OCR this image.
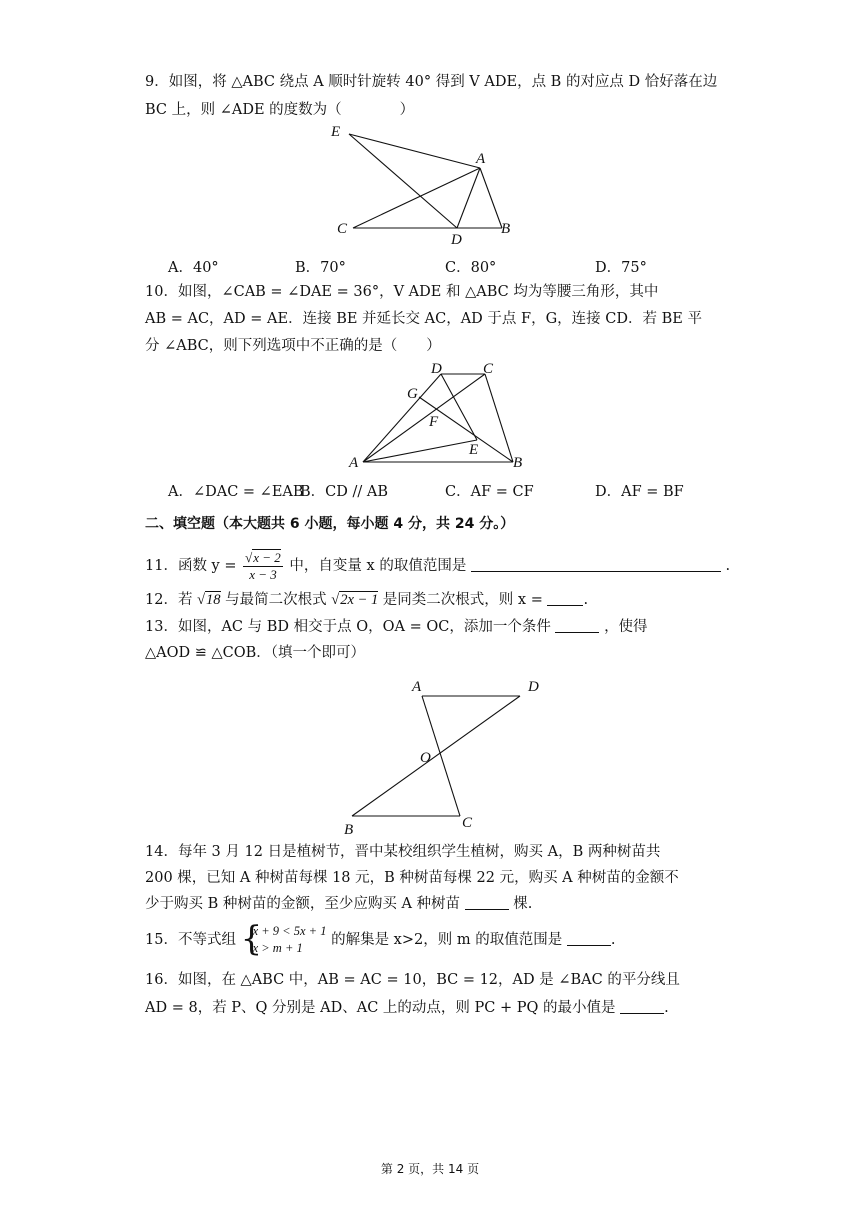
9．如图，将 △ABC 绕点 A 顺时针旋转 40° 得到 V ADE，点 B 的对应点 D 恰好落在边
BC 上，则 ∠ADE 的度数为（　　　　）
E
A
C
D
B
A．40°	B．70°	C．80°	D．75°
10．如图，∠CAB = ∠DAE = 36°，V ADE 和 △ABC 均为等腰三角形，其中
AB = AC，AD = AE．连接 BE 并延长交 AC，AD 于点 F，G，连接 CD．若 BE 平
分 ∠ABC，则下列选项中不正确的是（　　）
D	C
G
F
E
A	B
A．∠DAC = ∠EAB
B．CD // AB	C．AF = CF	D．AF = BF
二、填空题（本大题共 6 小题，每小题 4 分，共 24 分。）
11．函数 $y = \frac{√x - 2}{x - 3}$ 中，自变量 x 的取值范围是	.
12．若 √18 与最简二次根式 √2x − 1 是同类二次根式，则 x =	.
13．如图，AC 与 BD 相交于点 O，OA = OC，添加一个条件	，使得
△AOD ≌ △COB．（填一个即可）
A	D
O
B	C
14．每年 3 月 12 日是植树节，晋中某校组织学生植树，购买 A，B 两种树苗共
200 棵，已知 A 种树苗每棵 18 元，B 种树苗每棵 22 元，购买 A 种树苗的金额不
少于购买 B 种树苗的金额，至少应购买 A 种树苗	棵.
15．不等式组 {
x + 9 < 5x + 1
x > m + 1	的解集是 x>2，则 m 的取值范围是	.
16．如图，在 △ABC 中，AB = AC = 10，BC = 12，AD 是 ∠BAC 的平分线且
AD = 8，若 P、Q 分别是 AD、AC 上的动点，则 PC + PQ 的最小值是	.
第 2 页，共 14 页
